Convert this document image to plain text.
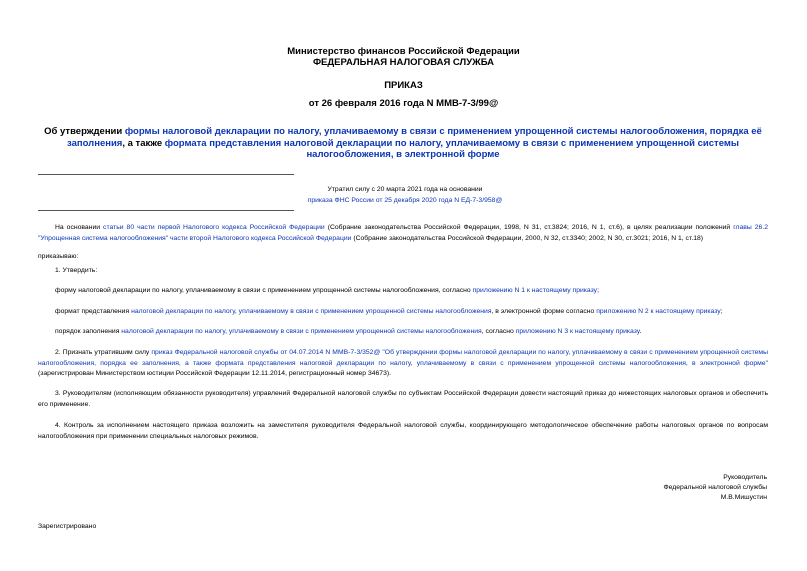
Министерство финансов Российской Федерации
ФЕДЕРАЛЬНАЯ НАЛОГОВАЯ СЛУЖБА
ПРИКАЗ
от 26 февраля 2016 года N ММВ-7-3/99@
Об утверждении формы налоговой декларации по налогу, уплачиваемому в связи с применением упрощенной системы налогообложения, порядка её заполнения, а также формата представления налоговой декларации по налогу, уплачиваемому в связи с применением упрощенной системы налогообложения, в электронной форме
Утратил силу с 20 марта 2021 года на основании
приказа ФНС России от 25 декабря 2020 года N ЕД-7-3/958@
На основании статьи 80 части первой Налогового кодекса Российской Федерации (Собрание законодательства Российской Федерации, 1998, N 31, ст.3824; 2016, N 1, ст.6), в целях реализации положений главы 26.2 "Упрощенная система налогообложения" части второй Налогового кодекса Российской Федерации (Собрание законодательства Российской Федерации, 2000, N 32, ст.3340; 2002, N 30, ст.3021; 2016, N 1, ст.18)
приказываю:
1. Утвердить:
форму налоговой декларации по налогу, уплачиваемому в связи с применением упрощенной системы налогообложения, согласно приложению N 1 к настоящему приказу;
формат представления налоговой декларации по налогу, уплачиваемому в связи с применением упрощенной системы налогообложения, в электронной форме согласно приложению N 2 к настоящему приказу;
порядок заполнения налоговой декларации по налогу, уплачиваемому в связи с применением упрощенной системы налогообложения, согласно приложению N 3 к настоящему приказу.
2. Признать утратившим силу приказ Федеральной налоговой службы от 04.07.2014 N ММВ-7-3/352@ "Об утверждении формы налоговой декларации по налогу, уплачиваемому в связи с применением упрощенной системы налогообложения, порядка ее заполнения, а также формата представления налоговой декларации по налогу, уплачиваемому в связи с применением упрощенной системы налогообложения, в электронной форме" (зарегистрирован Министерством юстиции Российской Федерации 12.11.2014, регистрационный номер 34673).
3. Руководителям (исполняющим обязанности руководителя) управлений Федеральной налоговой службы по субъектам Российской Федерации довести настоящий приказ до нижестоящих налоговых органов и обеспечить его применение.
4. Контроль за исполнением настоящего приказа возложить на заместителя руководителя Федеральной налоговой службы, координирующего методологическое обеспечение работы налоговых органов по вопросам налогообложения при применении специальных налоговых режимов.
Руководитель
Федеральной налоговой службы
М.В.Мишустин
Зарегистрировано
